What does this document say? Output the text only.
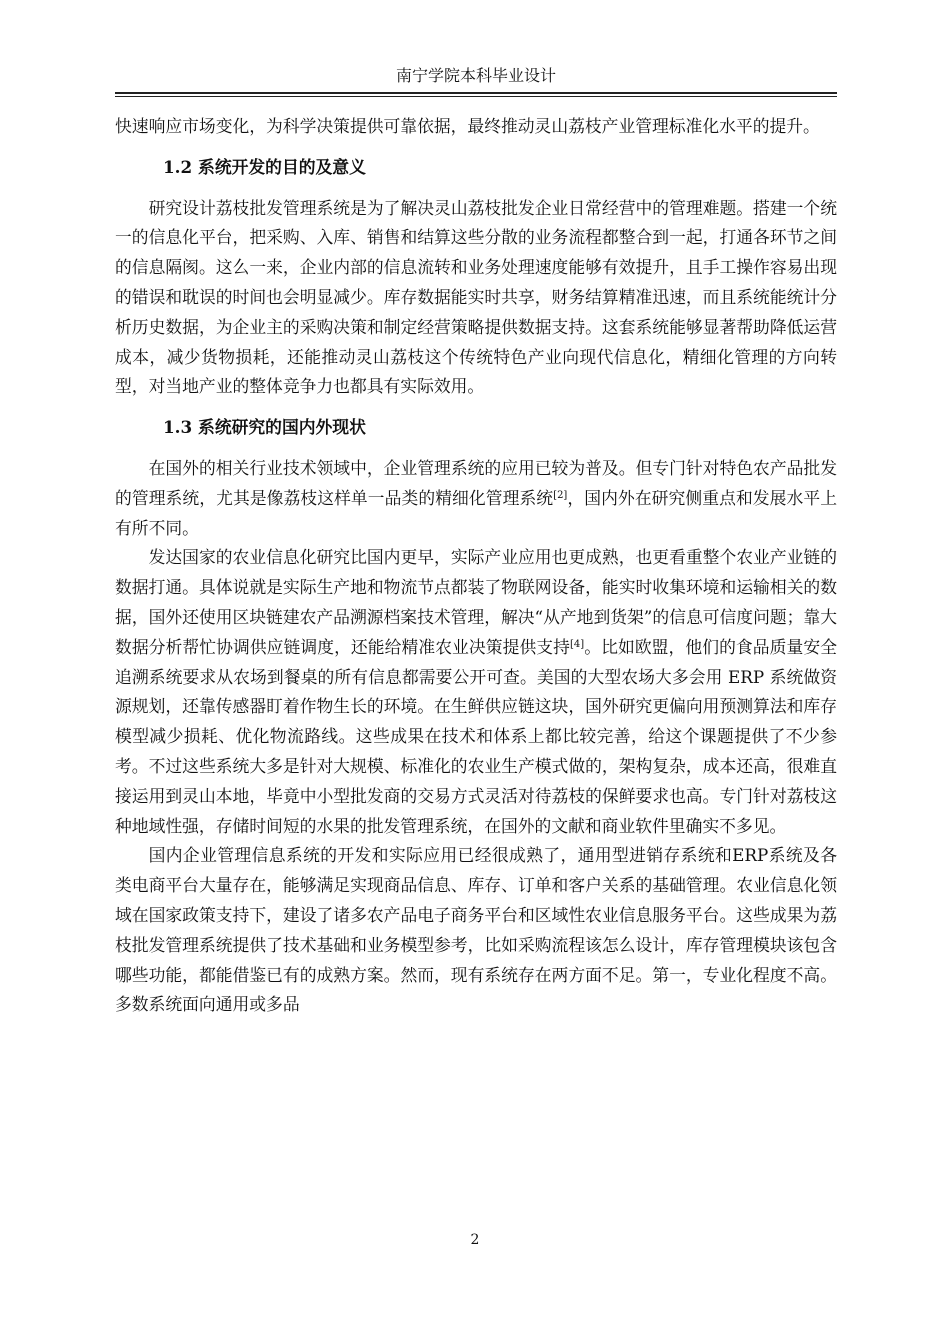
南宁学院本科毕业设计

快速响应市场变化，为科学决策提供可靠依据，最终推动灵山荔枝产业管理标准化水平的提升。

1.2 系统开发的目的及意义

研究设计荔枝批发管理系统是为了解决灵山荔枝批发企业日常经营中的管理难题。搭建一个统一的信息化平台，把采购、入库、销售和结算这些分散的业务流程都整合到一起，打通各环节之间的信息隔阂。这么一来，企业内部的信息流转和业务处理速度能够有效提升，且手工操作容易出现的错误和耽误的时间也会明显减少。库存数据能实时共享，财务结算精准迅速，而且系统能统计分析历史数据，为企业主的采购决策和制定经营策略提供数据支持。这套系统能够显著帮助降低运营成本，减少货物损耗，还能推动灵山荔枝这个传统特色产业向现代信息化，精细化管理的方向转型，对当地产业的整体竞争力也都具有实际效用。

1.3 系统研究的国内外现状

在国外的相关行业技术领域中，企业管理系统的应用已较为普及。但专门针对特色农产品批发的管理系统，尤其是像荔枝这样单一品类的精细化管理系统[2]，国内外在研究侧重点和发展水平上有所不同。

发达国家的农业信息化研究比国内更早，实际产业应用也更成熟，也更看重整个农业产业链的数据打通。具体说就是实际生产地和物流节点都装了物联网设备，能实时收集环境和运输相关的数据，国外还使用区块链建农产品溯源档案技术管理，解决“从产地到货架”的信息可信度问题；靠大数据分析帮忙协调供应链调度，还能给精准农业决策提供支持[4]。比如欧盟，他们的食品质量安全追溯系统要求从农场到餐桌的所有信息都需要公开可查。美国的大型农场大多会用 ERP 系统做资源规划，还靠传感器盯着作物生长的环境。在生鲜供应链这块，国外研究更偏向用预测算法和库存模型减少损耗、优化物流路线。这些成果在技术和体系上都比较完善，给这个课题提供了不少参考。不过这些系统大多是针对大规模、标准化的农业生产模式做的，架构复杂，成本还高，很难直接运用到灵山本地，毕竟中小型批发商的交易方式灵活对待荔枝的保鲜要求也高。专门针对荔枝这种地域性强，存储时间短的水果的批发管理系统，在国外的文献和商业软件里确实不多见。

国内企业管理信息系统的开发和实际应用已经很成熟了，通用型进销存系统和ERP系统及各类电商平台大量存在，能够满足实现商品信息、库存、订单和客户关系的基础管理。农业信息化领域在国家政策支持下，建设了诸多农产品电子商务平台和区域性农业信息服务平台。这些成果为荔枝批发管理系统提供了技术基础和业务模型参考，比如采购流程该怎么设计，库存管理模块该包含哪些功能，都能借鉴已有的成熟方案。然而，现有系统存在两方面不足。第一，专业化程度不高。多数系统面向通用或多品

2
